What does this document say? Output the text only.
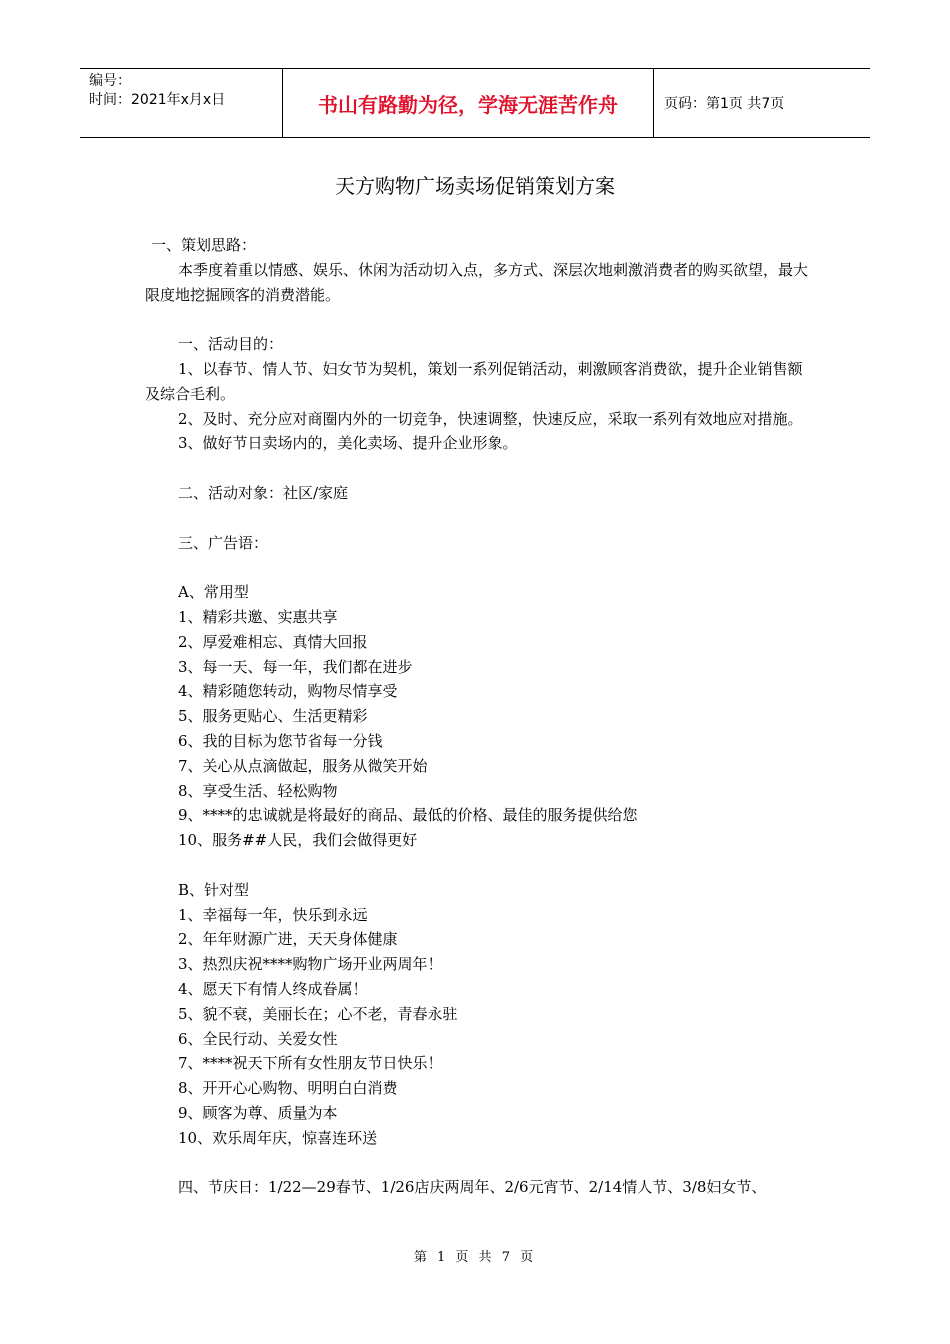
编号：
时间：2021年x月x日	书山有路勤为径，学海无涯苦作舟	页码：第1页 共7页
天方购物广场卖场促销策划方案

一、策划思路：

本季度着重以情感、娱乐、休闲为活动切入点，多方式、深层次地刺激消费者的购买欲望，最大限度地挖掘顾客的消费潜能。

一、活动目的：

1、以春节、情人节、妇女节为契机，策划一系列促销活动，刺激顾客消费欲，提升企业销售额及综合毛利。

2、及时、充分应对商圈内外的一切竞争，快速调整，快速反应，采取一系列有效地应对措施。

3、做好节日卖场内的，美化卖场、提升企业形象。

二、活动对象：社区/家庭

三、广告语：

A、常用型

1、精彩共邀、实惠共享

2、厚爱难相忘、真情大回报

3、每一天、每一年，我们都在进步

4、精彩随您转动，购物尽情享受

5、服务更贴心、生活更精彩

6、我的目标为您节省每一分钱

7、关心从点滴做起，服务从微笑开始

8、享受生活、轻松购物

9、****的忠诚就是将最好的商品、最低的价格、最佳的服务提供给您

10、服务##人民，我们会做得更好

B、针对型

1、幸福每一年，快乐到永远

2、年年财源广进，天天身体健康

3、热烈庆祝****购物广场开业两周年！

4、愿天下有情人终成眷属！

5、貌不衰，美丽长在；心不老，青春永驻

6、全民行动、关爱女性

7、****祝天下所有女性朋友节日快乐！

8、开开心心购物、明明白白消费

9、顾客为尊、质量为本

10、欢乐周年庆，惊喜连环送

四、节庆日：1/22—29春节、1/26店庆两周年、2/6元宵节、2/14情人节、3/8妇女节、

第 1 页 共 7 页
